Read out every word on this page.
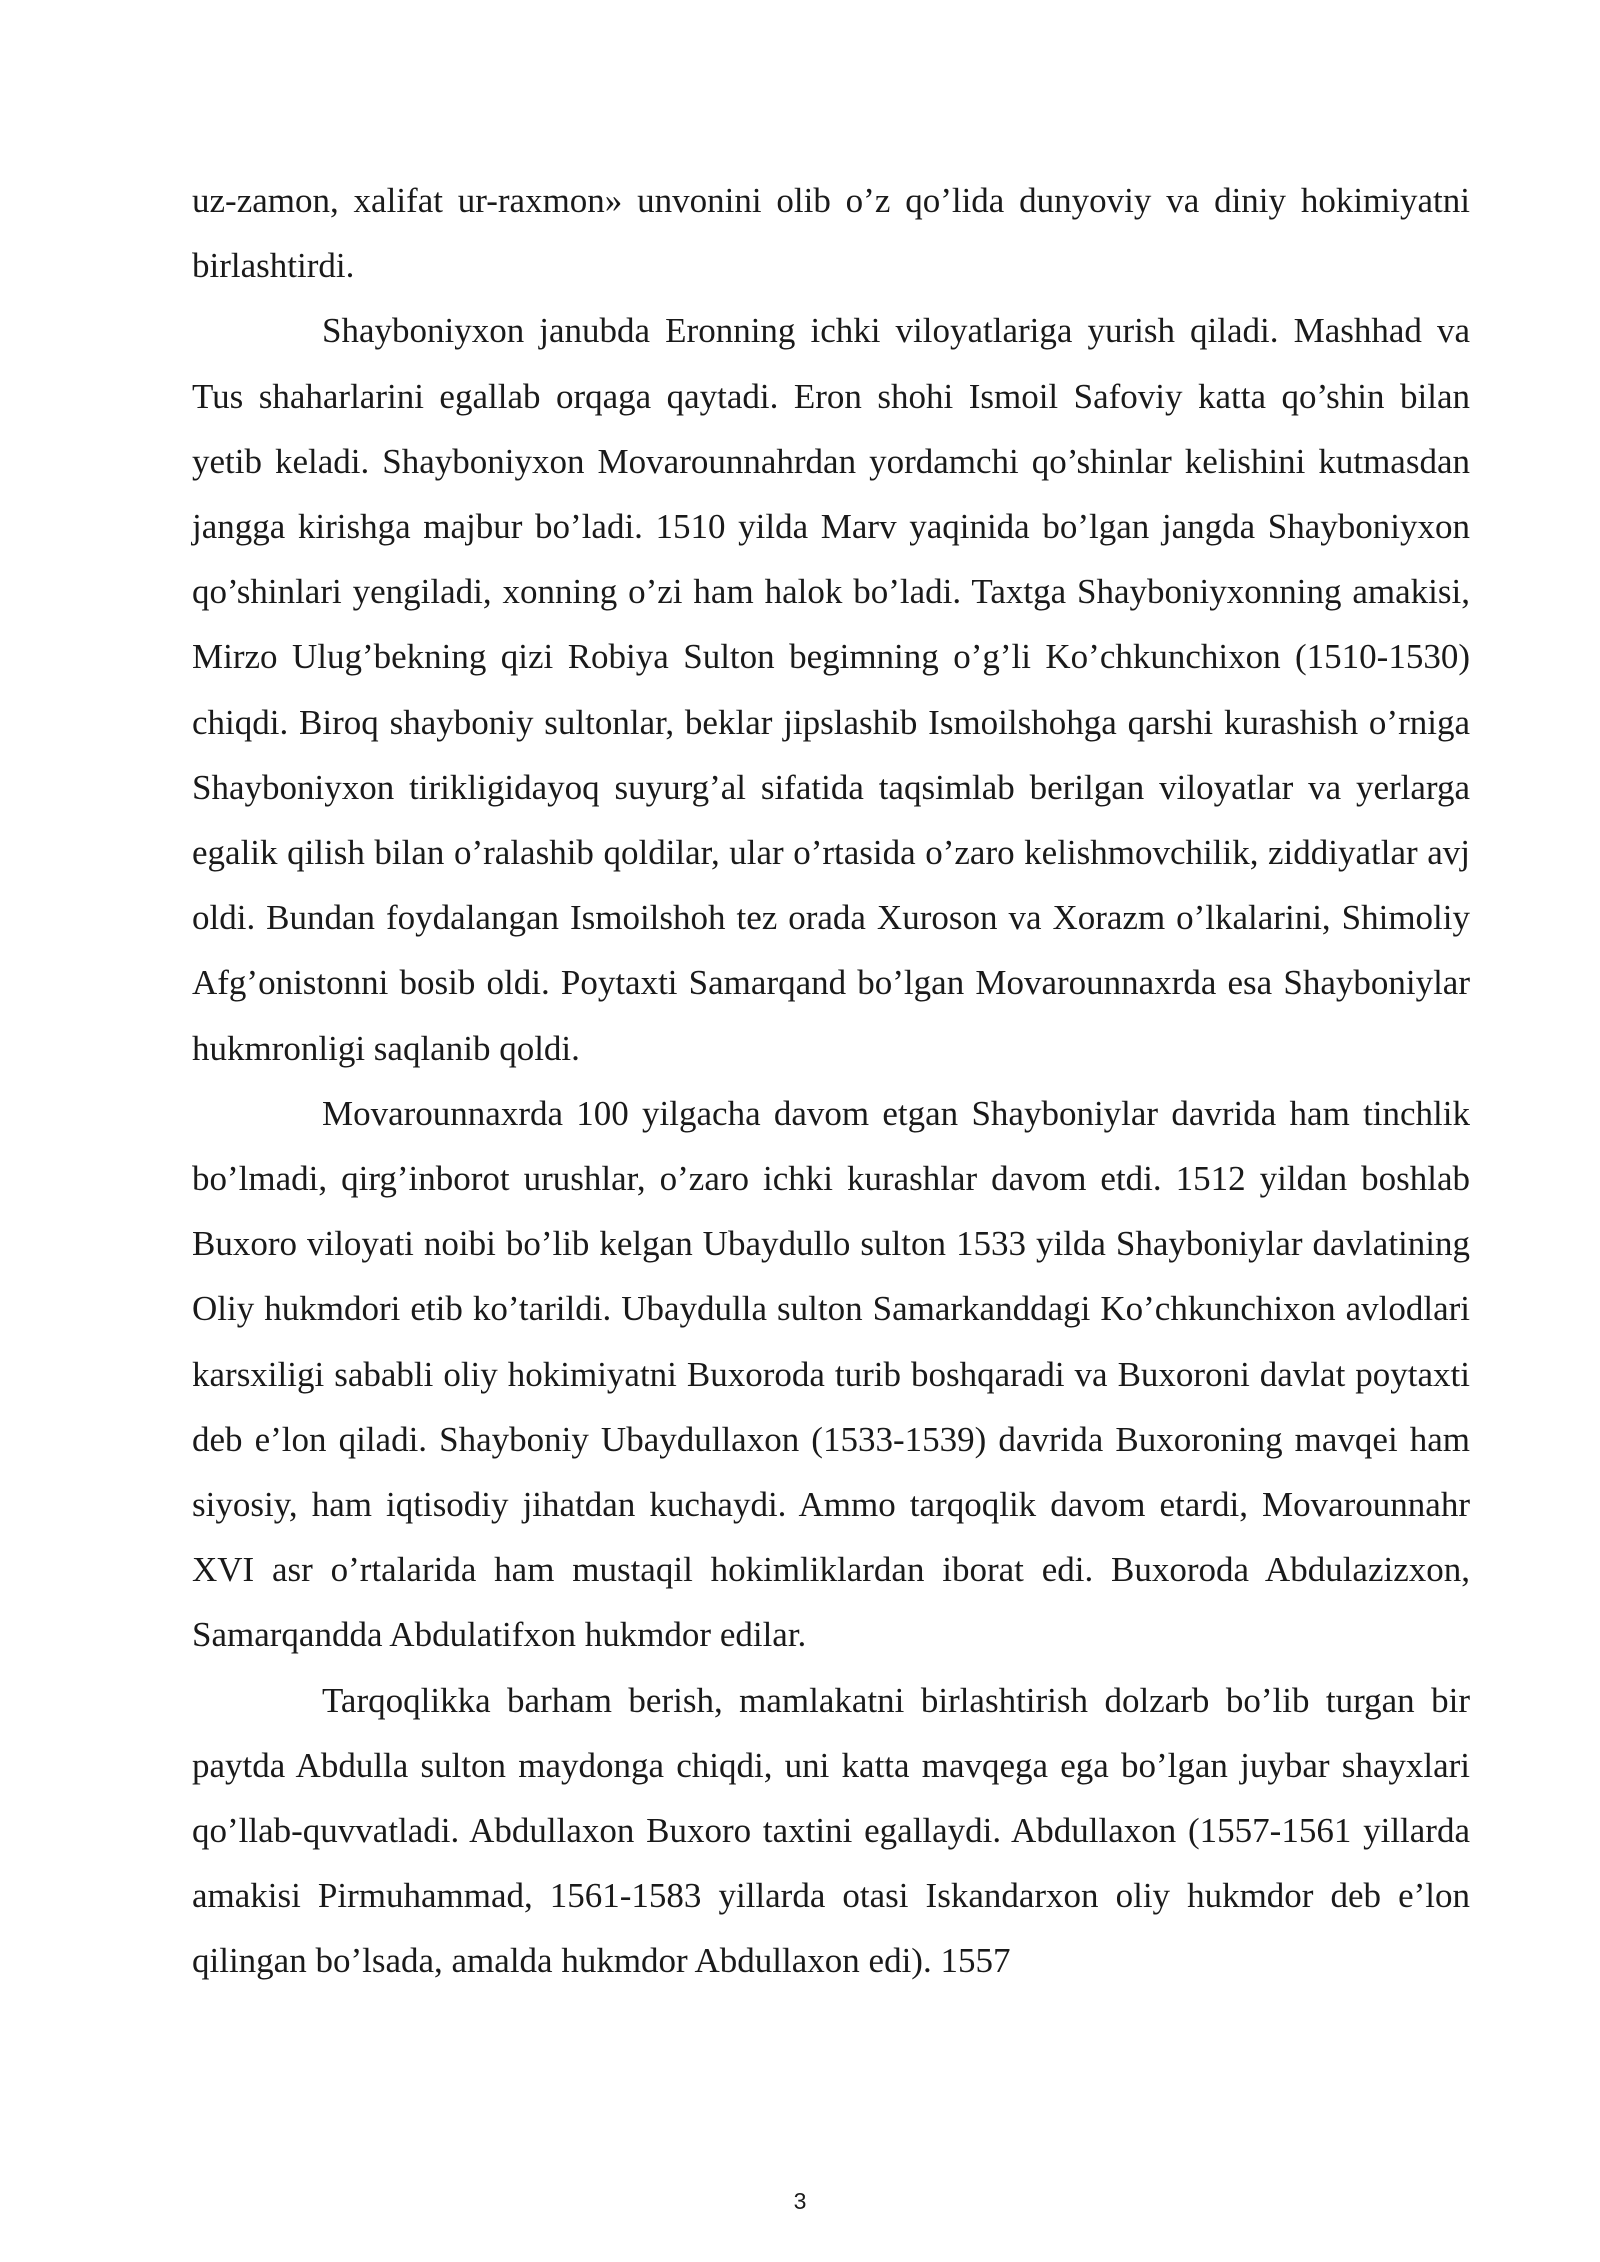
uz-zamon, xalifat ur-raxmon» unvonini olib o’z qo’lida dunyoviy va diniy hokimiyatni birlashtirdi.

Shayboniyxon janubda Eronning ichki viloyatlariga yurish qiladi. Mashhad va Tus shaharlarini egallab orqaga qaytadi. Eron shohi Ismoil Safoviy katta qo’shin bilan yetib keladi. Shayboniyxon Movarounnahrdan yordamchi qo’shinlar kelishini kutmasdan jangga kirishga majbur bo’ladi. 1510 yilda Marv yaqinida bo’lgan jangda Shayboniyxon qo’shinlari yengiladi, xonning o’zi ham halok bo’ladi. Taxtga Shayboniyxonning amakisi, Mirzo Ulug’bekning qizi Robiya Sulton begimning o’g’li Ko’chkunchixon (1510-1530) chiqdi. Biroq shayboniy sultonlar, beklar jipslashib Ismoilshohga qarshi kurashish o’rniga Shayboniyxon tirikligidayoq suyurg’al sifatida taqsimlab berilgan viloyatlar va yerlarga egalik qilish bilan o’ralashib qoldilar, ular o’rtasida o’zaro kelishmovchilik, ziddiyatlar avj oldi. Bundan foydalangan Ismoilshoh tez orada Xuroson va Xorazm o’lkalarini, Shimoliy Afg’onistonni bosib oldi. Poytaxti Samarqand bo’lgan Movarounnaxrda esa Shayboniylar hukmronligi saqlanib qoldi.

Movarounnaxrda 100 yilgacha davom etgan Shayboniylar davrida ham tinchlik bo’lmadi, qirg’inborot urushlar, o’zaro ichki kurashlar davom etdi. 1512 yildan boshlab Buxoro viloyati noibi bo’lib kelgan Ubaydullo sulton 1533 yilda Shayboniylar davlatining Oliy hukmdori etib ko’tarildi. Ubaydulla sulton Samarkanddagi Ko’chkunchixon avlodlari karsxiligi sababli oliy hokimiyatni Buxoroda turib boshqaradi va Buxoroni davlat poytaxti deb e’lon qiladi. Shayboniy Ubaydullaxon (1533-1539) davrida Buxoroning mavqei ham siyosiy, ham iqtisodiy jihatdan kuchaydi. Ammo tarqoqlik davom etardi, Movarounnahr XVI asr o’rtalarida ham mustaqil hokimliklardan iborat edi. Buxoroda Abdulazizxon, Samarqandda Abdulatifxon hukmdor edilar.

Tarqoqlikka barham berish, mamlakatni birlashtirish dolzarb bo’lib turgan bir paytda Abdulla sulton maydonga chiqdi, uni katta mavqega ega bo’lgan juybar shayxlari qo’llab-quvvatladi. Abdullaxon Buxoro taxtini egallaydi. Abdullaxon (1557-1561 yillarda amakisi Pirmuhammad, 1561-1583 yillarda otasi Iskandarxon oliy hukmdor deb e’lon qilingan bo’lsada, amalda hukmdor Abdullaxon edi). 1557

3
